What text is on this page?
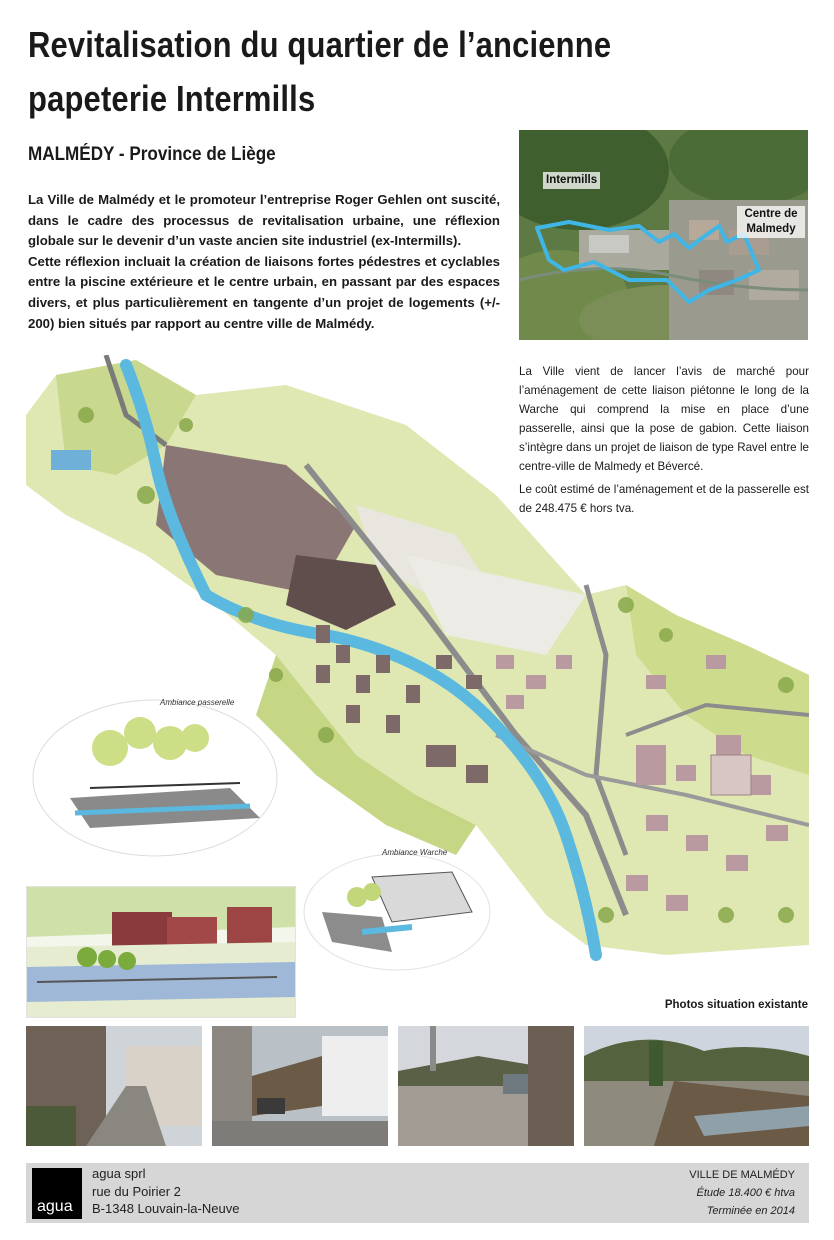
Revitalisation du quartier de l’ancienne papeterie Intermills
MALMÉDY - Province de Liège

La Ville de Malmédy et le promoteur l’entreprise Roger Gehlen ont suscité, dans le cadre des processus de revitalisation urbaine, une réflexion globale sur le devenir d’un vaste ancien site industriel (ex-Intermills).

Cette réflexion incluait la création de liaisons fortes pédestres et cyclables entre la piscine extérieure et le centre urbain, en passant par des espaces divers, et plus particulièrement en tangente d’un projet de logements (+/- 200) bien situés par rapport au centre ville de Malmédy.

Intermills
Centre de Malmedy

La Ville vient de lancer l’avis de marché pour l’aménagement de cette liaison piétonne le long de la Warche qui comprend la mise en place d’une passerelle, ainsi que la pose de gabion. Cette liaison s’intègre dans un projet de liaison de type Ravel entre le centre-ville de Malmedy et Bévercé.

Le coût estimé de l’aménagement et de la passerelle est de 248.475 € hors tva.

Ambiance passerelle
Ambiance Warche
Photos situation existante
agua
agua sprl
rue du Poirier 2
B-1348 Louvain-la-Neuve
VILLE DE MALMÉDY
Étude 18.400 € htva
Terminée en 2014
